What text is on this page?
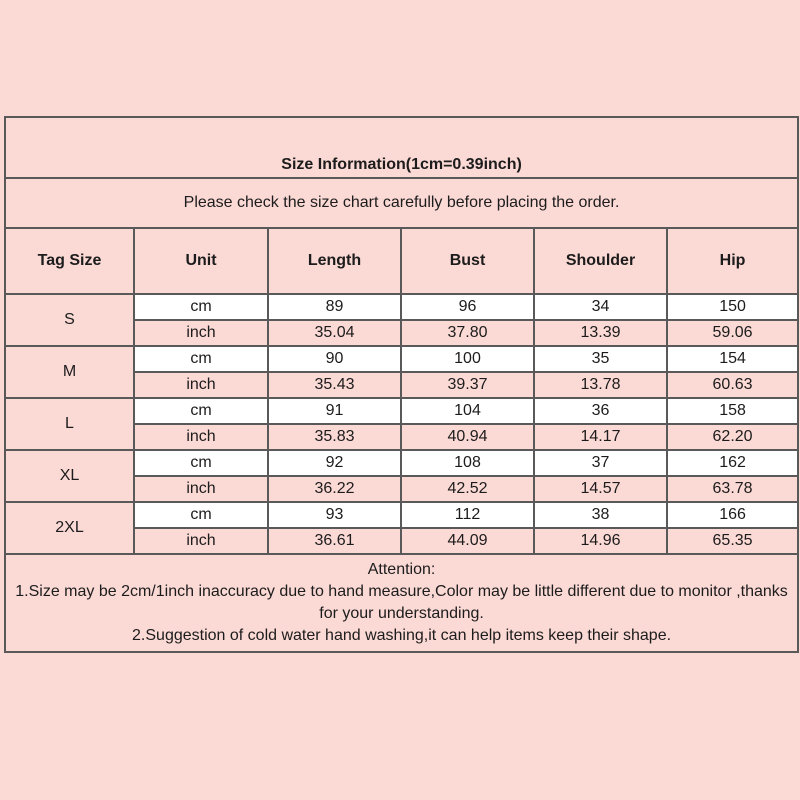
Size Information(1cm=0.39inch)					
Please check the size chart carefully before placing the order.					
Tag Size	Unit	Length	Bust	Shoulder	Hip
S	cm	89	96	34	150
	inch	35.04	37.80	13.39	59.06
M	cm	90	100	35	154
	inch	35.43	39.37	13.78	60.63
L	cm	91	104	36	158
	inch	35.83	40.94	14.17	62.20
XL	cm	92	108	37	162
	inch	36.22	42.52	14.57	63.78
2XL	cm	93	112	38	166
	inch	36.61	44.09	14.96	65.35

Attention:
1.Size may be 2cm/1inch inaccuracy due to hand measure,Color may be little different due to monitor ,thanks for your understanding.
2.Suggestion of cold water hand washing,it can help items keep their shape.					
